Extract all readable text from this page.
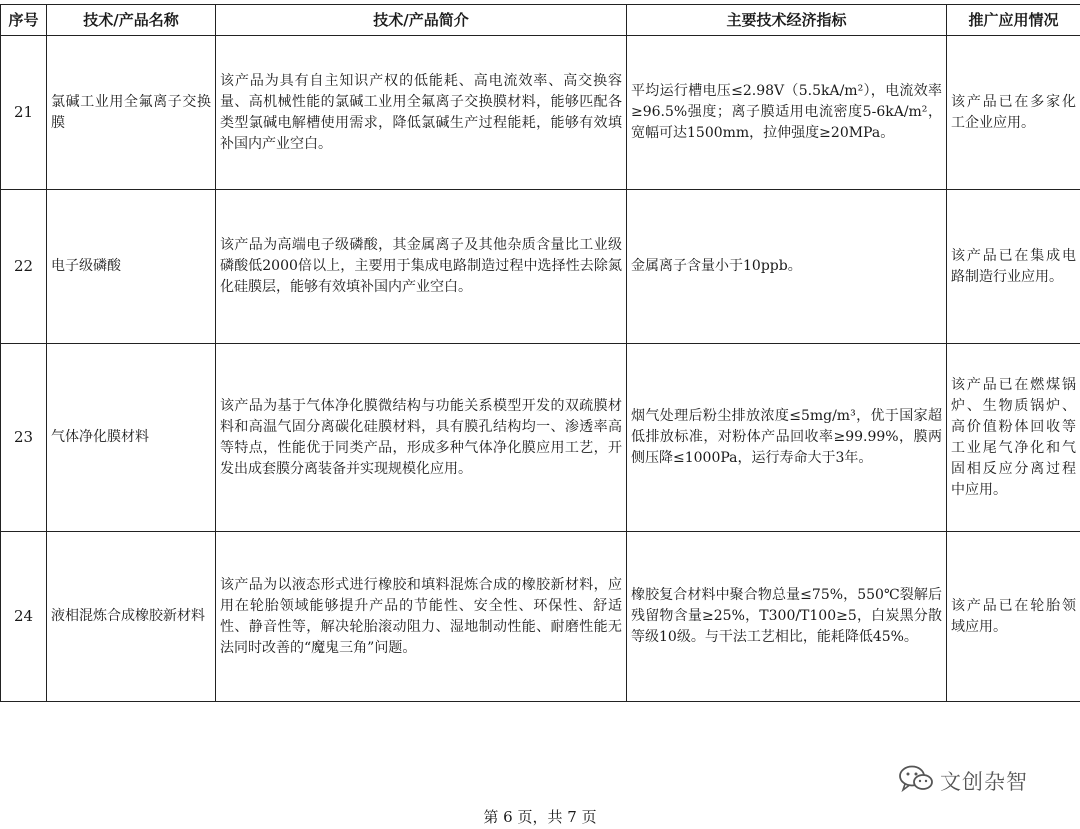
序号	技术/产品名称	技术/产品简介	主要技术经济指标	推广应用情况
21	氯碱工业用全氟离子交换膜	该产品为具有自主知识产权的低能耗、高电流效率、高交换容量、高机械性能的氯碱工业用全氟离子交换膜材料，能够匹配各类型氯碱电解槽使用需求，降低氯碱生产过程能耗，能够有效填补国内产业空白。	平均运行槽电压≤2.98V（5.5kA/m²），电流效率≥96.5%强度；离子膜适用电流密度5-6kA/m²，宽幅可达1500mm，拉伸强度≥20MPa。	该产品已在多家化工企业应用。
22	电子级磷酸	该产品为高端电子级磷酸，其金属离子及其他杂质含量比工业级磷酸低2000倍以上，主要用于集成电路制造过程中选择性去除氮化硅膜层，能够有效填补国内产业空白。	金属离子含量小于10ppb。	该产品已在集成电路制造行业应用。
23	气体净化膜材料	该产品为基于气体净化膜微结构与功能关系模型开发的双疏膜材料和高温气固分离碳化硅膜材料，具有膜孔结构均一、渗透率高等特点，性能优于同类产品，形成多种气体净化膜应用工艺，开发出成套膜分离装备并实现规模化应用。	烟气处理后粉尘排放浓度≤5mg/m³，优于国家超低排放标准，对粉体产品回收率≥99.99%，膜两侧压降≤1000Pa，运行寿命大于3年。	该产品已在燃煤锅炉、生物质锅炉、高价值粉体回收等工业尾气净化和气固相反应分离过程中应用。
24	液相混炼合成橡胶新材料	该产品为以液态形式进行橡胶和填料混炼合成的橡胶新材料，应用在轮胎领域能够提升产品的节能性、安全性、环保性、舒适性、静音性等，解决轮胎滚动阻力、湿地制动性能、耐磨性能无法同时改善的“魔鬼三角”问题。	橡胶复合材料中聚合物总量≤75%，550℃裂解后残留物含量≥25%，T300/T100≥5，白炭黑分散等级10级。与干法工艺相比，能耗降低45%。	该产品已在轮胎领域应用。
文创杂智
第 6 页，共 7 页
